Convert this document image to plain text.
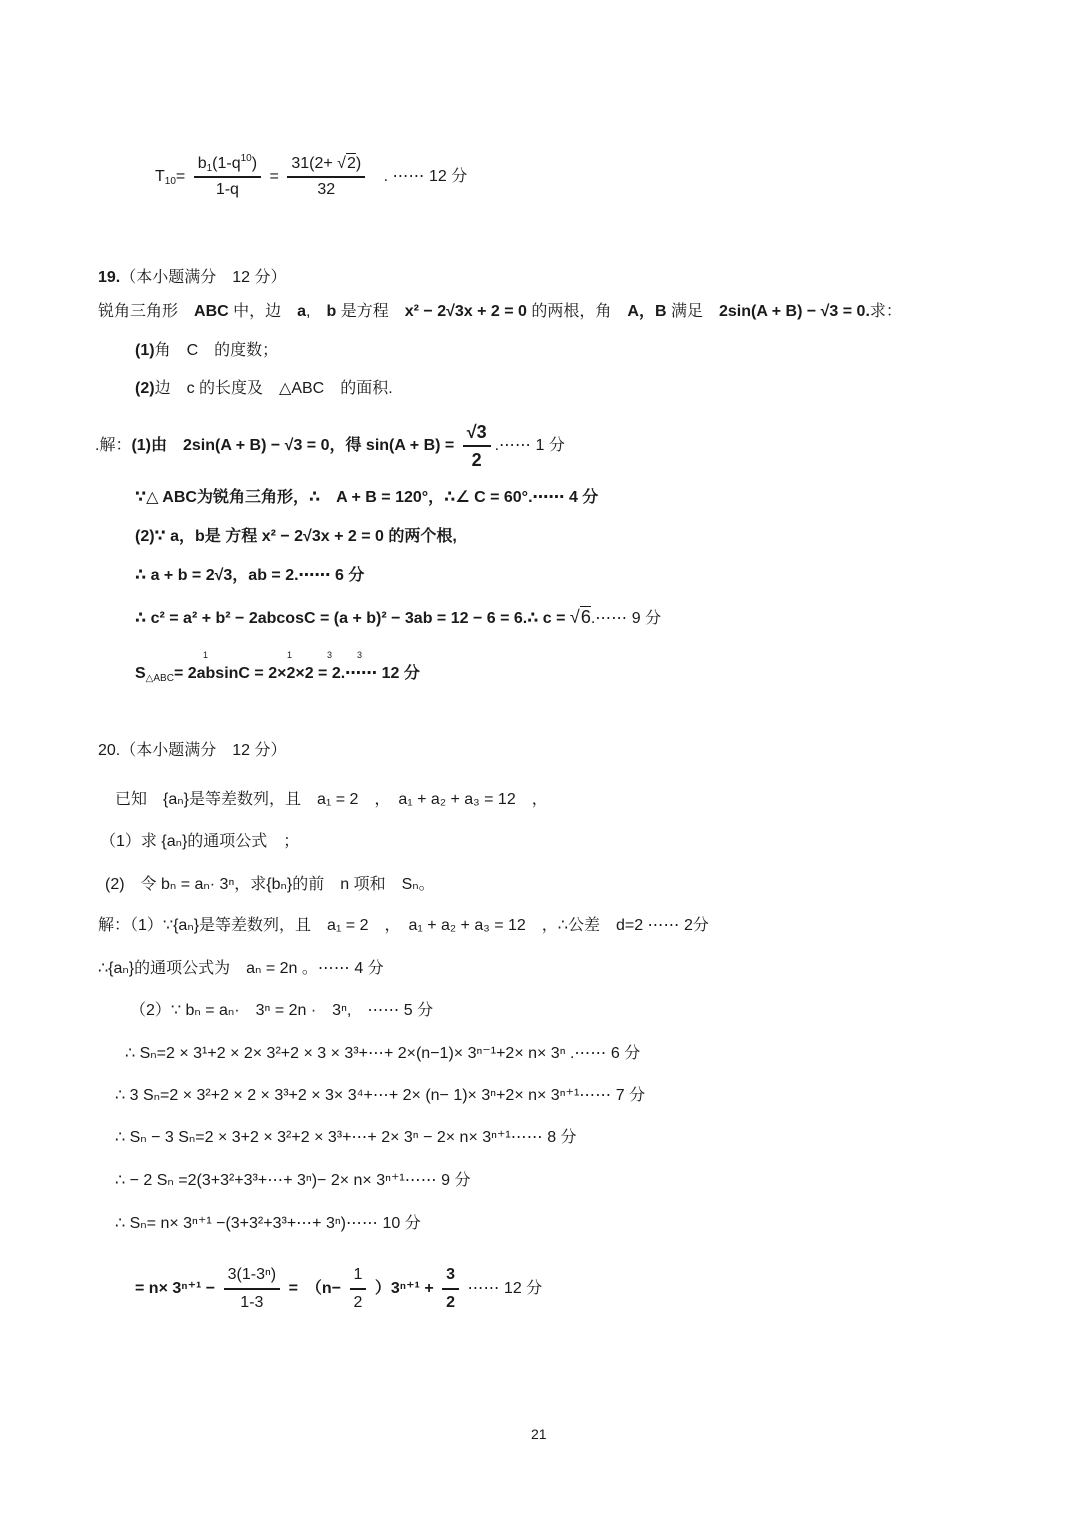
$T_{10}= \frac{b_1(1-q^{10})}{1-q} = \frac{31(2+ √2)}{32}$ . ⋯⋯ 12 分
19.（本小题满分　12 分）
锐角三角形　ABC 中，边　a,　b 是方程　x² − 2√3x + 2 = 0 的两根，角　A，B 满足　2sin(A + B) − √3 = 0.求：
(1)角　C　的度数；
(2)边　c 的长度及　△ABC　的面积.
.解：(1)由　2sin(A + B) − √3 = 0，得 $\sin(A + B) = \frac{√3}{2}$ .⋯⋯ 1 分
∵△ ABC为锐角三角形，∴　A + B = 120°，∴∠ C = 60°.⋯⋯ 4 分
(2)∵ a，b是 方程 x² − 2√3x + 2 = 0 的两个根,
∴ a + b = 2√3，ab = 2.⋯⋯ 6 分
∴ c² = a² + b² − 2abcosC = (a + b)² − 3ab = 12 − 6 = 6.∴ c = √6.⋯⋯ 9 分
$S_{\triangle ABC}= 2absinC = 2\times 2\times 2$ = 2.⋯⋯ 12 分
1	1	3	3
20.（本小题满分　12 分）
已知　{aₙ}是等差数列，且　a₁ = 2　，　a₁ + a₂ + a₃ = 12　，
（1）求 {aₙ}的通项公式　；
(2)　令 bₙ = aₙ· 3ⁿ，求{bₙ}的前　n 项和　Sₙ。
解：（1）∵{aₙ}是等差数列，且　a₁ = 2　，　a₁ + a₂ + a₃ = 12　，∴公差　d=2 ⋯⋯ 2分
∴{aₙ}的通项公式为　aₙ = 2n 。⋯⋯ 4 分
（2）∵ bₙ = aₙ·　3ⁿ = 2n ·　3ⁿ,　⋯⋯ 5 分
∴ Sₙ=2 × 3¹+2 × 2× 3²+2 × 3 × 3³+⋯+ 2×(n−1)× 3ⁿ⁻¹+2× n× 3ⁿ .⋯⋯ 6 分
∴ 3 Sₙ=2 × 3²+2 × 2 × 3³+2 × 3× 3⁴+⋯+ 2× (n− 1)× 3ⁿ+2× n× 3ⁿ⁺¹⋯⋯ 7 分
∴ Sₙ − 3 Sₙ=2 × 3+2 × 3²+2 × 3³+⋯+ 2× 3ⁿ − 2× n× 3ⁿ⁺¹⋯⋯ 8 分
∴ − 2 Sₙ =2(3+3²+3³+⋯+ 3ⁿ)− 2× n× 3ⁿ⁺¹⋯⋯ 9 分
∴ Sₙ= n× 3ⁿ⁺¹ −(3+3²+3³+⋯+ 3ⁿ)⋯⋯ 10 分
= $n\times 3^{n+1} - \frac{\text{3(1-3ⁿ)}}{1-3}$ =　$(n- \frac{1}{2} )3^{n+1} + \frac{3}{2}$ ⋯⋯ 12 分
21
